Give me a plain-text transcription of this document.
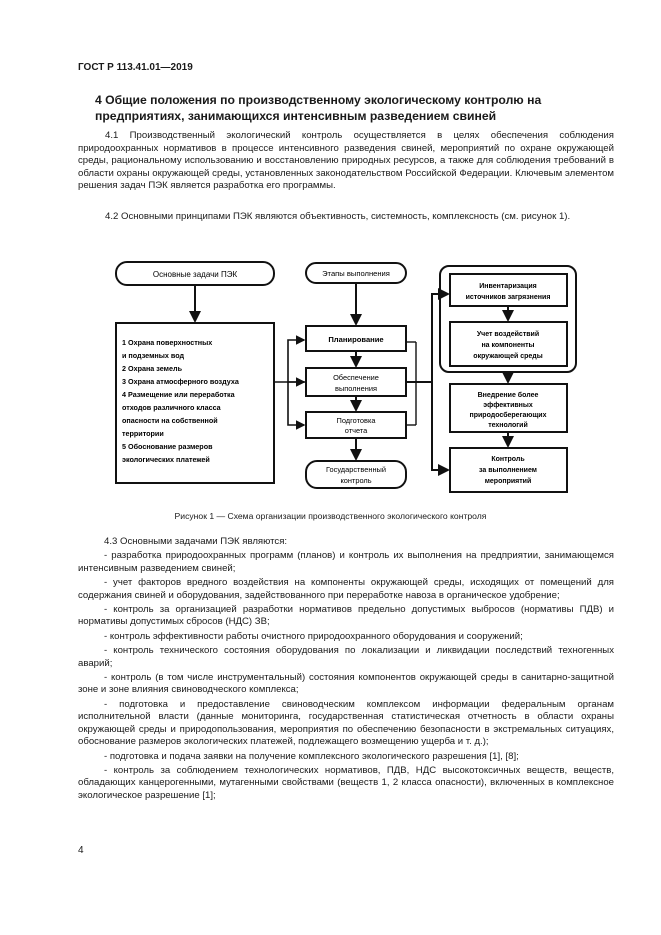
ГОСТ Р 113.41.01—2019
4 Общие положения по производственному экологическому контролю на предприятиях, занимающихся интенсивным разведением свиней

4.1 Производственный экологический контроль осуществляется в целях обеспечения соблюдения природоохранных нормативов в процессе интенсивного разведения свиней, мероприятий по охране окружающей среды, рациональному использованию и восстановлению природных ресурсов, а также для соблюдения требований в области охраны окружающей среды, установленных законодательством Российской Федерации. Ключевым элементом решения задач ПЭК является разработка его программы.

4.2 Основными принципами ПЭК являются объективность, системность, комплексность (см. рисунок 1).

Основные задачи ПЭК
1 Охрана поверхностных
и подземных вод
2 Охрана земель
3 Охрана атмосферного воздуха
4 Размещение или переработка
отходов различного класса
опасности на собственной
территории
5 Обоснование размеров
экологических платежей
Этапы выполнения
Планирование
Обеспечение
выполнения
Подготовка
отчета
Государственный
контроль
Инвентаризация
источников загрязнения
Учет воздействий
на компоненты
окружающей среды
Внедрение более
эффективных
природосберегающих
технологий
Контроль
за выполнением
мероприятий
Рисунок 1 — Схема организации производственного экологического контроля

4.3 Основными задачами ПЭК являются:

- разработка природоохранных программ (планов) и контроль их выполнения на предприятии, занимающемся интенсивным разведением свиней;

- учет факторов вредного воздействия на компоненты окружающей среды, исходящих от помещений для содержания свиней и оборудования, задействованного при переработке навоза в органическое удобрение;

- контроль за организацией разработки нормативов предельно допустимых выбросов (нормативы ПДВ) и нормативы допустимых сбросов (НДС) ЗВ;

- контроль эффективности работы очистного природоохранного оборудования и сооружений;

- контроль технического состояния оборудования по локализации и ликвидации последствий техногенных аварий;

- контроль (в том числе инструментальный) состояния компонентов окружающей среды в санитарно-защитной зоне и зоне влияния свиноводческого комплекса;

- подготовка и предоставление свиноводческим комплексом информации федеральным органам исполнительной власти (данные мониторинга, государственная статистическая отчетность в области охраны окружающей среды и природопользования, мероприятия по обеспечению безопасности в экстремальных ситуациях, обоснование размеров экологических платежей, подлежащего возмещению ущерба и т. д.);

- подготовка и подача заявки на получение комплексного экологического разрешения [1], [8];

- контроль за соблюдением технологических нормативов, ПДВ, НДС высокотоксичных веществ, веществ, обладающих канцерогенными, мутагенными свойствами (веществ 1, 2 класса опасности), включенных в комплексное экологическое разрешение [1];

4
